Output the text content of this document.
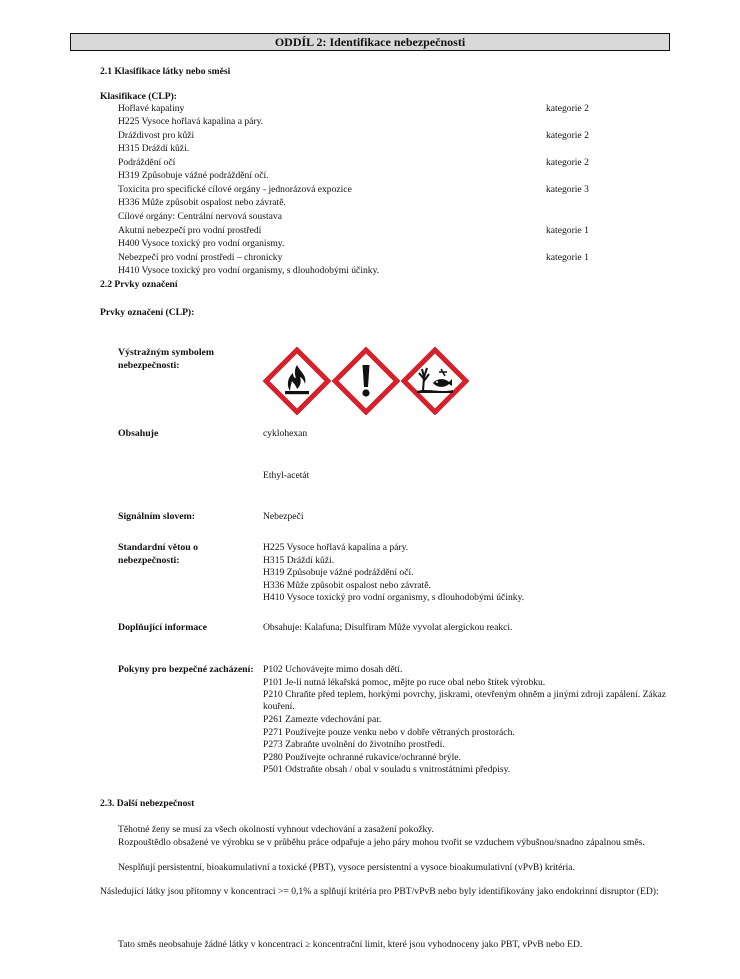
ODDÍL 2: Identifikace nebezpečnosti
2.1 Klasifikace látky nebo směsi
Klasifikace (CLP):
Hořlavé kapaliny	kategorie 2
H225 Vysoce hořlavá kapalina a páry.
Dráždivost pro kůži	kategorie 2
H315 Dráždí kůži.
Podráždění očí	kategorie 2
H319 Způsobuje vážné podráždění očí.
Toxicita pro specifické cílové orgány - jednorázová expozice	kategorie 3
H336 Může způsobit ospalost nebo závratě.
Cílové orgány: Centrální nervová soustava
Akutní nebezpečí pro vodní prostředí	kategorie 1
H400 Vysoce toxický pro vodní organismy.
Nebezpečí pro vodní prostředí – chronicky	kategorie 1
H410 Vysoce toxický pro vodní organismy, s dlouhodobými účinky.
2.2 Prvky označení
Prvky označení (CLP):
Výstražným symbolem nebezpečnosti:
Obsahuje	cyklohexan
Ethyl-acetát
Signálním slovem:	Nebezpečí
Standardní větou o nebezpečnosti:
H225 Vysoce hořlavá kapalina a páry.
H315 Dráždí kůži.
H319 Způsobuje vážné podráždění očí.
H336 Může způsobit ospalost nebo závratě.
H410 Vysoce toxický pro vodní organismy, s dlouhodobými účinky.
Doplňující informace	Obsahuje: Kalafuna; Disulfiram Může vyvolat alergickou reakci.
Pokyny pro bezpečné zacházení: P102 Uchovávejte mimo dosah dětí.
P101 Je-li nutná lékařská pomoc, mějte po ruce obal nebo štítek výrobku.
P210 Chraňte před teplem, horkými povrchy, jiskrami, otevřeným ohněm a jinými zdroji zapálení. Zákaz kouření.
P261 Zamezte vdechování par.
P271 Používejte pouze venku nebo v dobře větraných prostorách.
P273 Zabraňte uvolnění do životního prostředí.
P280 Používejte ochranné rukavice/ochranné brýle.
P501 Odstraňte obsah / obal v souladu s vnitrostátními předpisy.
2.3. Další nebezpečnost
Těhotné ženy se musí za všech okolností vyhnout vdechování a zasažení pokožky.
Rozpouštědlo obsažené ve výrobku se v průběhu práce odpařuje a jeho páry mohou tvořit se vzduchem výbušnou/snadno zápalnou směs.
Nesplňují persistentní, bioakumulativní a toxické (PBT), vysoce persistentní a vysoce bioakumulativní (vPvB) kritéria.
Následující látky jsou přítomny v koncentraci >= 0,1% a splňují kritéria pro PBT/vPvB nebo byly identifikovány jako endokrinní disruptor (ED):
Tato směs neobsahuje žádné látky v koncentraci ≥ koncentrační limit, které jsou vyhodnoceny jako PBT, vPvB nebo ED.
